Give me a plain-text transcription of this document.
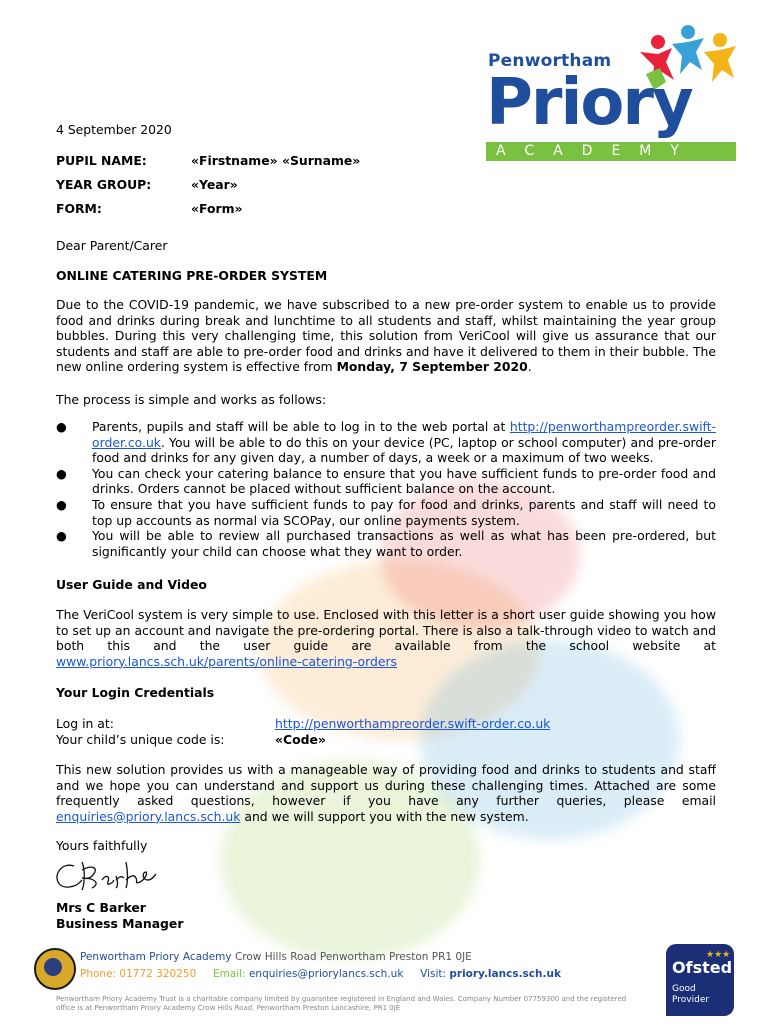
Penwortham
Priory
ACADEMY
4 September 2020
PUPIL NAME:	«Firstname» «Surname»
YEAR GROUP:	«Year»
FORM:	«Form»
Dear Parent/Carer
ONLINE CATERING PRE-ORDER SYSTEM
Due to the COVID-19 pandemic, we have subscribed to a new pre-order system to enable us to provide food and drinks during break and lunchtime to all students and staff, whilst maintaining the year group bubbles. During this very challenging time, this solution from VeriCool will give us assurance that our students and staff are able to pre-order food and drinks and have it delivered to them in their bubble. The new online ordering system is effective from Monday, 7 September 2020.
The process is simple and works as follows:
● Parents, pupils and staff will be able to log in to the web portal at http://penworthampreorder.swift-order.co.uk. You will be able to do this on your device (PC, laptop or school computer) and pre-order food and drinks for any given day, a number of days, a week or a maximum of two weeks.
● You can check your catering balance to ensure that you have sufficient funds to pre-order food and drinks. Orders cannot be placed without sufficient balance on the account.
● To ensure that you have sufficient funds to pay for food and drinks, parents and staff will need to top up accounts as normal via SCOPay, our online payments system.
● You will be able to review all purchased transactions as well as what has been pre-ordered, but significantly your child can choose what they want to order.
User Guide and Video
The VeriCool system is very simple to use. Enclosed with this letter is a short user guide showing you how to set up an account and navigate the pre-ordering portal. There is also a talk-through video to watch and both this and the user guide are available from the school website at www.priory.lancs.sch.uk/parents/online-catering-orders
Your Login Credentials
Log in at:	http://penworthampreorder.swift-order.co.uk
Your child’s unique code is:	«Code»
This new solution provides us with a manageable way of providing food and drinks to students and staff and we hope you can understand and support us during these challenging times. Attached are some frequently asked questions, however if you have any further queries, please email enquiries@priory.lancs.sch.uk and we will support you with the new system.
Yours faithfully
Mrs C Barker
Business Manager
Penwortham Priory Academy Crow Hills Road Penwortham Preston PR1 0JE
Phone: 01772 320250 Email: enquiries@priorylancs.sch.uk Visit: priory.lancs.sch.uk
Penwortham Priory Academy Trust is a charitable company limited by guarantee registered in England and Wales. Company Number 07759300 and the registered office is at Penwortham Priory Academy Crow Hills Road, Penwortham Preston Lancashire, PR1 0JE
★★★
Ofsted
Good
Provider
